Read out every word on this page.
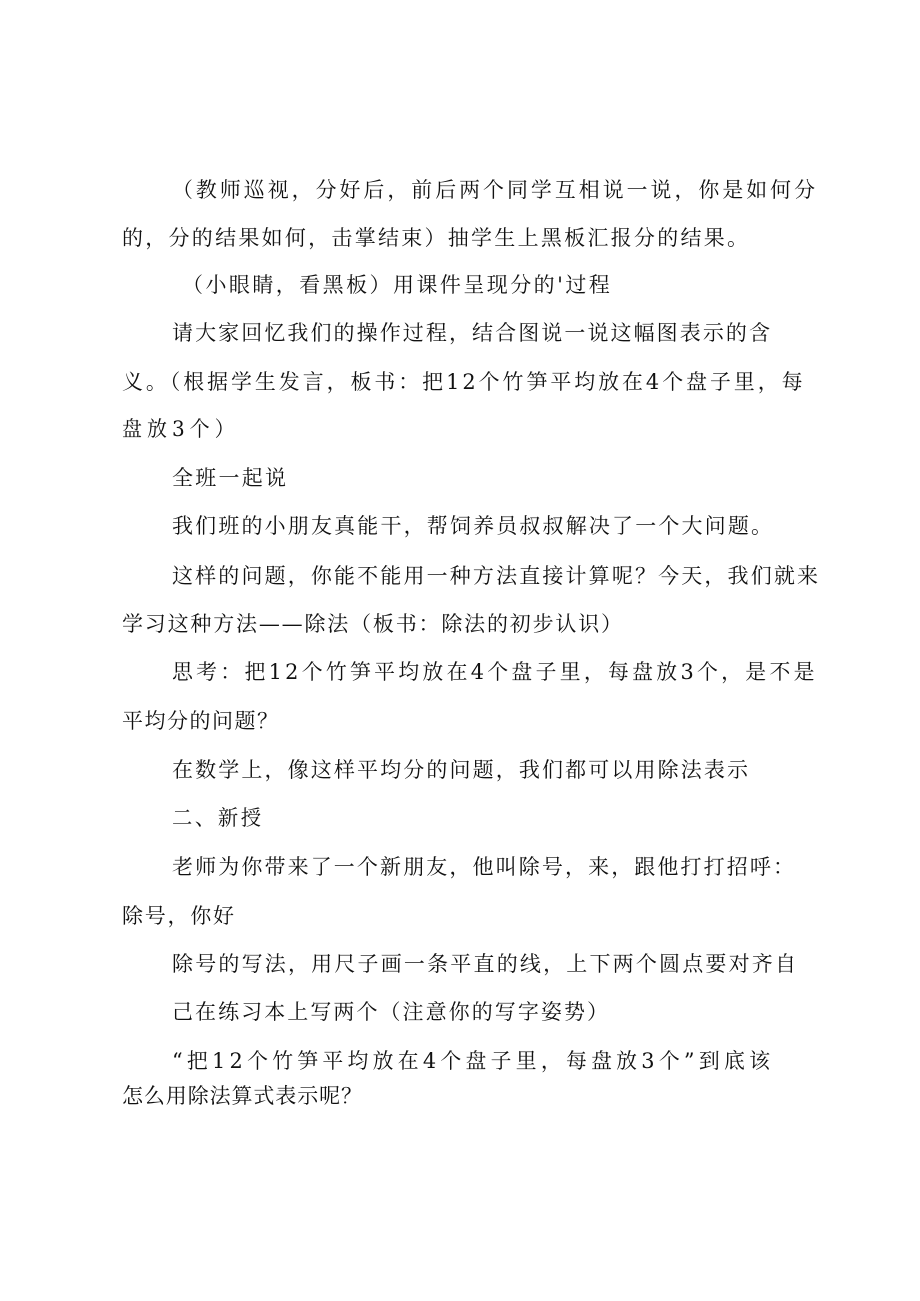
（教师巡视，分好后，前后两个同学互相说一说，你是如何分
的，分的结果如何，击掌结束）抽学生上黑板汇报分的结果。
（小眼睛，看黑板）用课件呈现分的'过程
请大家回忆我们的操作过程，结合图说一说这幅图表示的含
义。（根据学生发言，板书：把12个竹笋平均放在4个盘子里，每
盘放3个）
全班一起说
我们班的小朋友真能干，帮饲养员叔叔解决了一个大问题。
这样的问题，你能不能用一种方法直接计算呢？今天，我们就来
学习这种方法——除法（板书：除法的初步认识）
思考：把12个竹笋平均放在4个盘子里，每盘放3个，是不是
平均分的问题？
在数学上，像这样平均分的问题，我们都可以用除法表示
二、新授
老师为你带来了一个新朋友，他叫除号，来，跟他打打招呼：
除号，你好
除号的写法，用尺子画一条平直的线，上下两个圆点要对齐自
己在练习本上写两个（注意你的写字姿势）
“把12个竹笋平均放在4个盘子里，每盘放3个”到底该
怎么用除法算式表示呢？
